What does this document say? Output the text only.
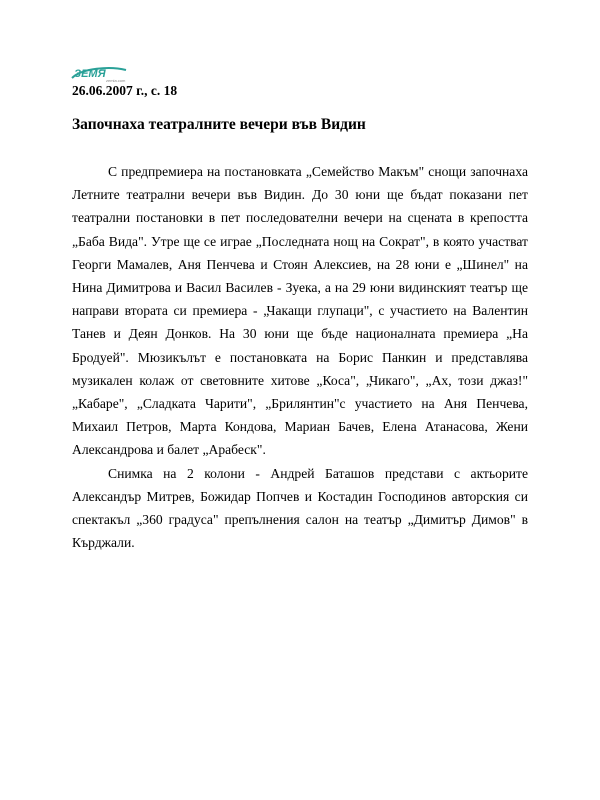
ЗЕМЯ
zemia.com
26.06.2007 г., с. 18
Започнаха театралните вечери във Видин

С предпремиера на постановката „Семейство Макъм" снощи започнаха Летните театрални вечери във Видин. До 30 юни ще бъдат показани пет театрални постановки в пет последователни вечери на сцената в крепостта „Баба Вида". Утре ще се играе „Последната нощ на Сократ", в която участват Георги Мамалев, Аня Пенчева и Стоян Алексиев, на 28 юни е „Шинел" на Нина Димитрова и Васил Василев - Зуека, а на 29 юни видинският театър ще направи втората си премиера - „Чакащи глупаци", с участието на Валентин Танев и Деян Донков. На 30 юни ще бъде националната премиера „На Бродуей". Мюзикълът е постановката на Борис Панкин и представлява музикален колаж от световните хитове „Коса", „Чикаго", „Ах, този джаз!" „Кабаре", „Сладката Чарити", „Брилянтин"с участието на Аня Пенчева, Михаил Петров, Марта Кондова, Мариан Бачев, Елена Атанасова, Жени Александрова и балет „Арабеск".

Снимка на 2 колони - Андрей Баташов представи с актьорите Александър Митрев, Божидар Попчев и Костадин Господинов авторския си спектакъл „360 градуса" препълнения салон на театър „Димитър Димов" в Кърджали.
